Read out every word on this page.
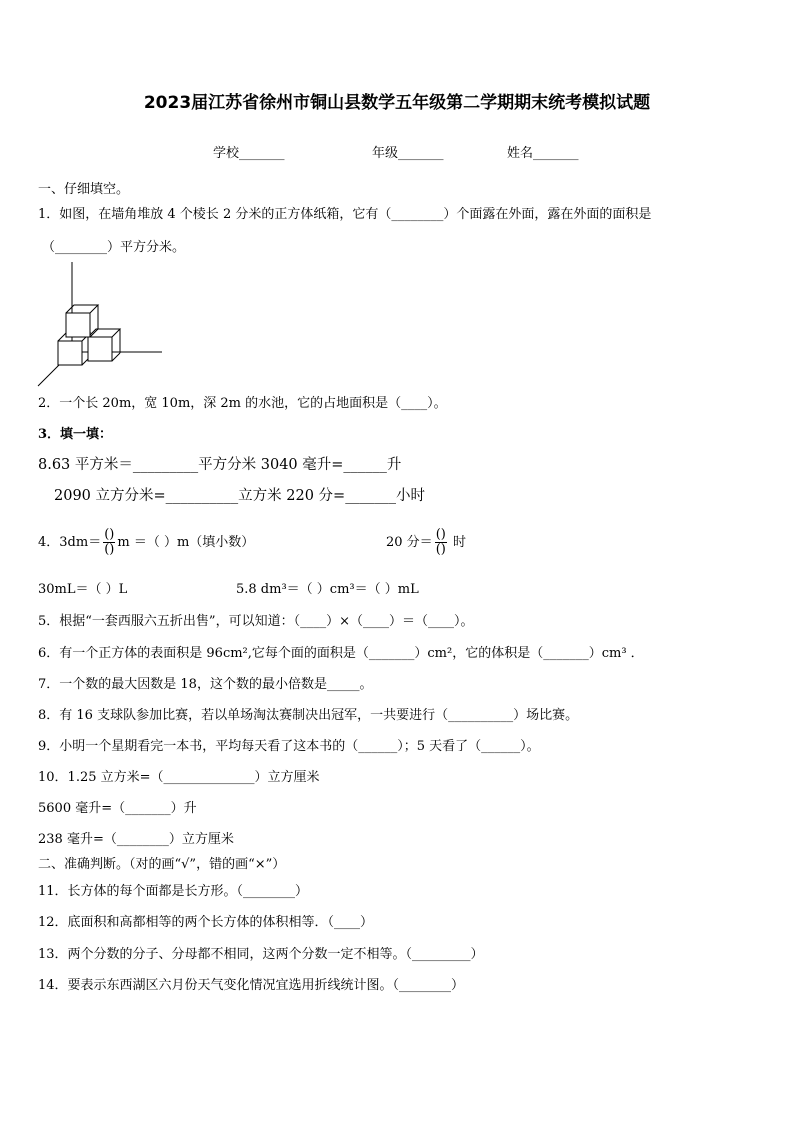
2023届江苏省徐州市铜山县数学五年级第二学期期末统考模拟试题
学校_______	年级_______	姓名_______
一、仔细填空。
1．如图，在墙角堆放 4 个棱长 2 分米的正方体纸箱，它有（________）个面露在外面，露在外面的面积是
（________）平方分米。
2．一个长 20m，宽 10m，深 2m 的水池，它的占地面积是（____）。
3．填一填：
8.63 平方米＝_________平方分米 3040 毫升=______升
2090 立方分米=__________立方米 220 分=_______小时
4．$3dm= \frac{()}{()}$ m ＝（ ）m（填小数）	20 分＝ $\frac{()}{()}$ 时
30mL＝（ ）L	5.8 dm³＝（ ）cm³＝（ ）mL
5．根据“一套西服六五折出售”，可以知道：（____）×（____）＝（____）。
6．有一个正方体的表面积是 96cm²,它每个面的面积是（_______）cm²，它的体积是（_______）cm³ ．
7．一个数的最大因数是 18，这个数的最小倍数是_____。
8．有 16 支球队参加比赛，若以单场淘汰赛制决出冠军，一共要进行（__________）场比赛。
9．小明一个星期看完一本书，平均每天看了这本书的（______）；5 天看了（______）。
10．1.25 立方米=（______________）立方厘米
5600 毫升=（_______）升
238 毫升=（________）立方厘米
二、准确判断。（对的画“√”，错的画“×”）
11．长方体的每个面都是长方形。（________）
12．底面积和高都相等的两个长方体的体积相等．（____）
13．两个分数的分子、分母都不相同，这两个分数一定不相等。（_________）
14．要表示东西湖区六月份天气变化情况宜选用折线统计图。（________）
